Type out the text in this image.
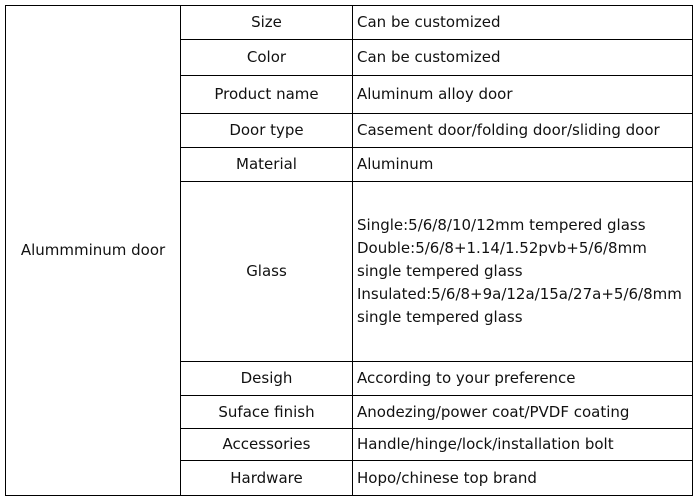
Alummminum door	Size	Can be customized
	Color	Can be customized
	Product name	Aluminum alloy door
	Door type	Casement door/folding door/sliding door
	Material	Aluminum
	Glass	Single:5/6/8/10/12mm tempered glass
Double:5/6/8+1.14/1.52pvb+5/6/8mm single tempered glass
Insulated:5/6/8+9a/12a/15a/27a+5/6/8mm single tempered glass

	Desigh	According to your preference
	Suface finish	Anodezing/power coat/PVDF coating
	Accessories	Handle/hinge/lock/installation bolt
	Hardware	Hopo/chinese top brand
